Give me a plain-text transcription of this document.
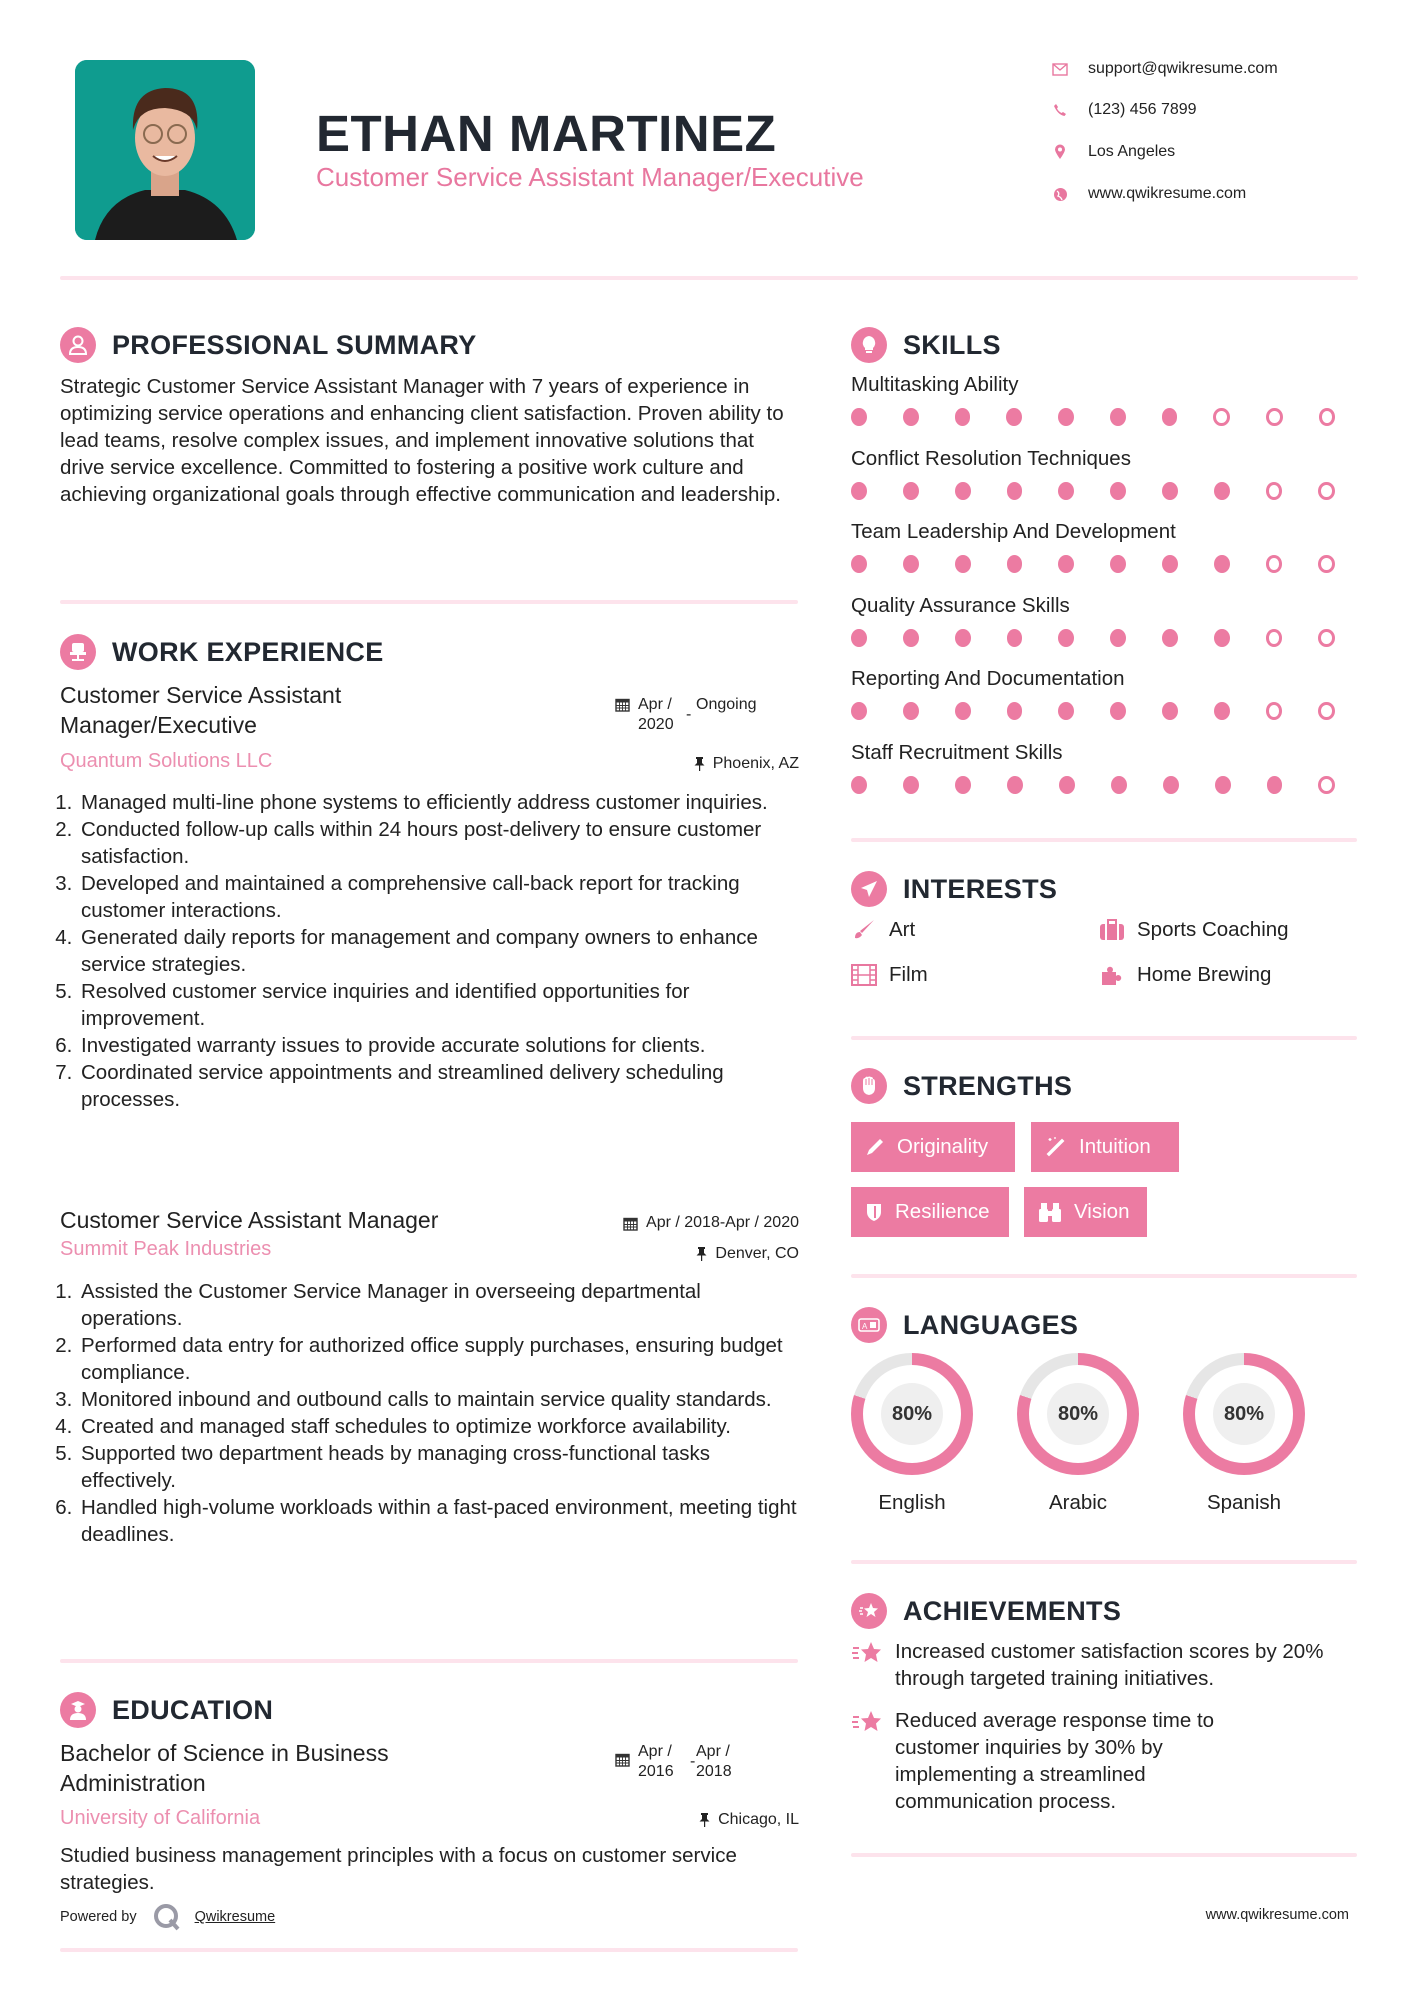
ETHAN MARTINEZ
Customer Service Assistant Manager/Executive
support@qwikresume.com
(123) 456 7899
Los Angeles
www.qwikresume.com
PROFESSIONAL SUMMARY
Strategic Customer Service Assistant Manager with 7 years of experience in optimizing service operations and enhancing client satisfaction. Proven ability to lead teams, resolve complex issues, and implement innovative solutions that drive service excellence. Committed to fostering a positive work culture and achieving organizational goals through effective communication and leadership.
WORK EXPERIENCE
Customer Service Assistant Manager/Executive
Apr / 2020
-
Ongoing
Quantum Solutions LLC	Phoenix, AZ
1. Managed multi-line phone systems to efficiently address customer inquiries.
2. Conducted follow-up calls within 24 hours post-delivery to ensure customer satisfaction.
3. Developed and maintained a comprehensive call-back report for tracking customer interactions.
4. Generated daily reports for management and company owners to enhance service strategies.
5. Resolved customer service inquiries and identified opportunities for improvement.
6. Investigated warranty issues to provide accurate solutions for clients.
7. Coordinated service appointments and streamlined delivery scheduling processes.
Customer Service Assistant Manager	Apr / 2018-Apr / 2020
Summit Peak Industries	Denver, CO
1. Assisted the Customer Service Manager in overseeing departmental operations.
2. Performed data entry for authorized office supply purchases, ensuring budget compliance.
3. Monitored inbound and outbound calls to maintain service quality standards.
4. Created and managed staff schedules to optimize workforce availability.
5. Supported two department heads by managing cross-functional tasks effectively.
6. Handled high-volume workloads within a fast-paced environment, meeting tight deadlines.
EDUCATION
Bachelor of Science in Business Administration
Apr / 2016
-
Apr / 2018
University of California	Chicago, IL
Studied business management principles with a focus on customer service strategies.
Powered by	Qwikresume
SKILLS
Multitasking Ability
Conflict Resolution Techniques
Team Leadership And Development
Quality Assurance Skills
Reporting And Documentation
Staff Recruitment Skills
INTERESTS
Art	Sports Coaching
Film	Home Brewing
STRENGTHS
Originality	Intuition
Resilience	Vision
A LANGUAGES
80%
English
80%
Arabic
80%
Spanish
ACHIEVEMENTS
Increased customer satisfaction scores by 20% through targeted training initiatives.
Reduced average response time to customer inquiries by 30% by implementing a streamlined communication process.
www.qwikresume.com
